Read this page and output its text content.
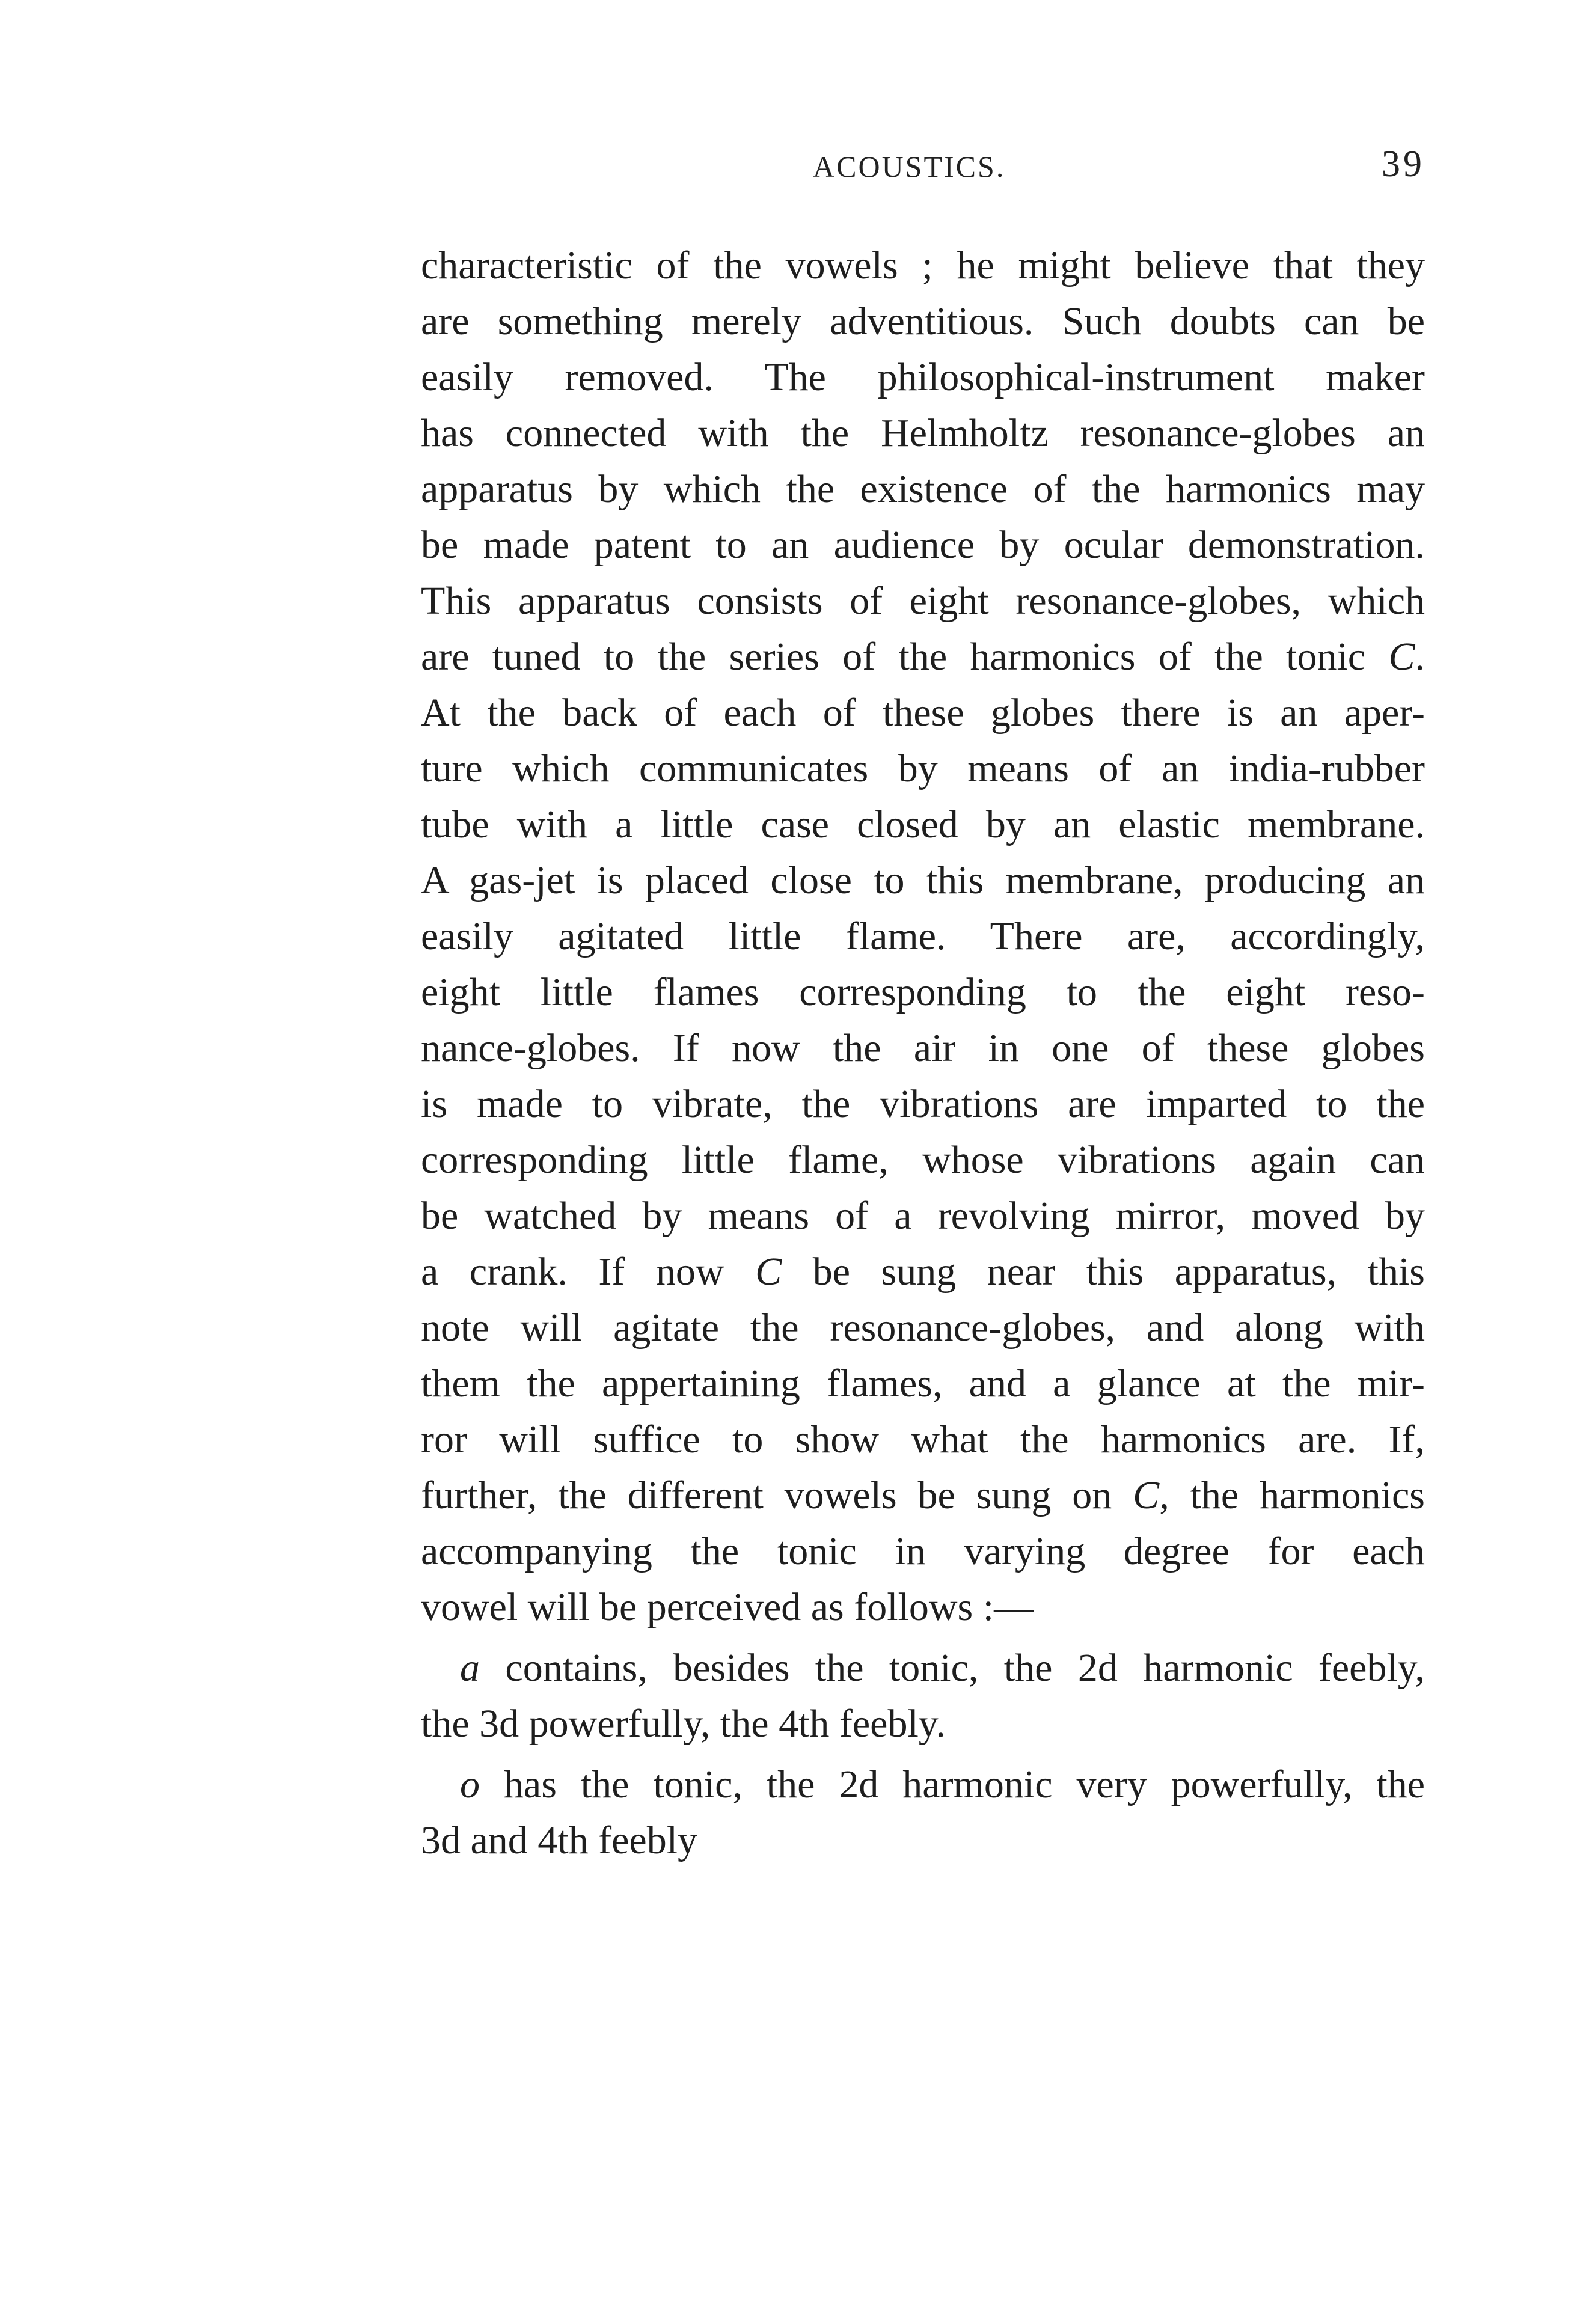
ACOUSTICS.	39
characteristic of the vowels ; he might believe that they
are something merely adventitious. Such doubts can be
easily removed. The philosophical-instrument maker
has connected with the Helmholtz resonance-globes an
apparatus by which the existence of the harmonics may
be made patent to an audience by ocular demonstration.
This apparatus consists of eight resonance-globes, which
are tuned to the series of the harmonics of the tonic C.
At the back of each of these globes there is an aper-
ture which communicates by means of an india-rubber
tube with a little case closed by an elastic membrane.
A gas-jet is placed close to this membrane, producing an
easily agitated little flame. There are, accordingly,
eight little flames corresponding to the eight reso-
nance-globes. If now the air in one of these globes
is made to vibrate, the vibrations are imparted to the
corresponding little flame, whose vibrations again can
be watched by means of a revolving mirror, moved by
a crank. If now C be sung near this apparatus, this
note will agitate the resonance-globes, and along with
them the appertaining flames, and a glance at the mir-
ror will suffice to show what the harmonics are. If,
further, the different vowels be sung on C, the harmonics
accompanying the tonic in varying degree for each
vowel will be perceived as follows :—
a contains, besides the tonic, the 2d harmonic feebly,
the 3d powerfully, the 4th feebly.
o has the tonic, the 2d harmonic very powerfully, the
3d and 4th feebly
